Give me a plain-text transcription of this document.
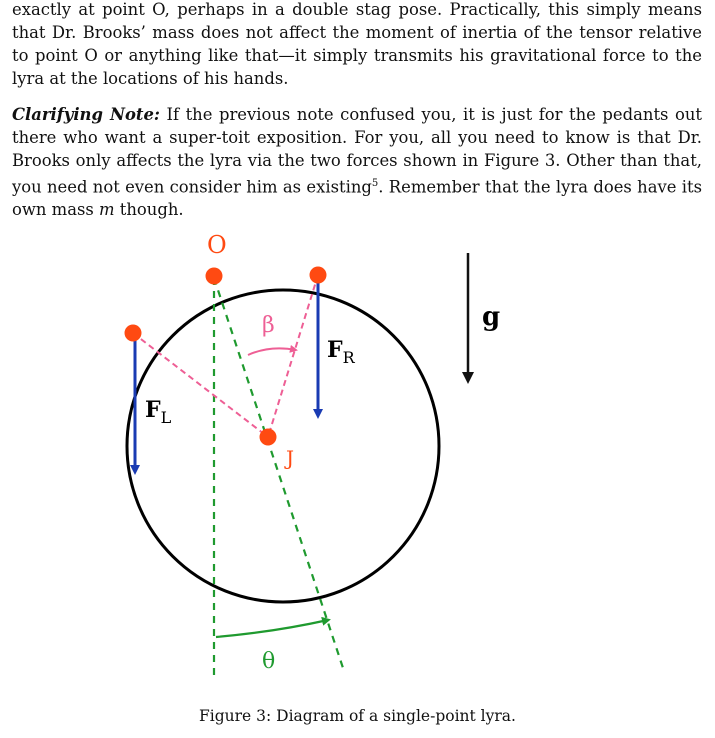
exactly at point O, perhaps in a double stag pose. Practically, this simply means that Dr. Brooks’ mass does not affect the moment of inertia of the tensor relative to point O or anything like that—it simply transmits his gravitational force to the lyra at the locations of his hands.

Clarifying Note: If the previous note confused you, it is just for the pedants out there who want a super-toit exposition. For you, all you need to know is that Dr. Brooks only affects the lyra via the two forces shown in Figure 3. Other than that, you need not even consider him as existing$^5$. Remember that the lyra does have its own mass m though.

O
J
β
θ
$F_L$
$F_R$
g

Figure 3: Diagram of a single-point lyra.
